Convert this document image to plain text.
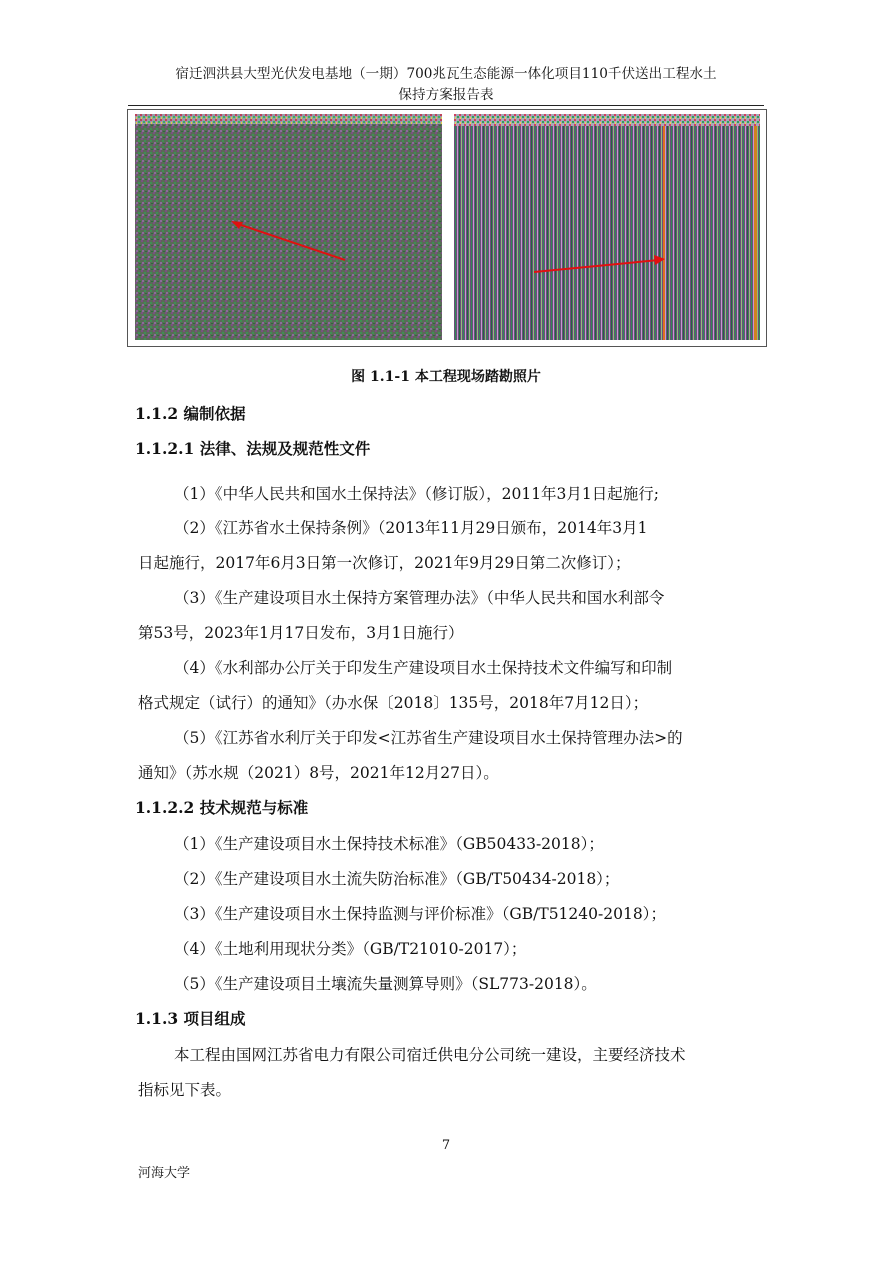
宿迁泗洪县大型光伏发电基地（一期）700兆瓦生态能源一体化项目110千伏送出工程水土
保持方案报告表
图 1.1-1 本工程现场踏勘照片
1.1.2 编制依据
1.1.2.1 法律、法规及规范性文件
（1）《中华人民共和国水土保持法》（修订版），2011年3月1日起施行;
（2）《江苏省水土保持条例》（2013年11月29日颁布，2014年3月1
日起施行，2017年6月3日第一次修订，2021年9月29日第二次修订）；
（3）《生产建设项目水土保持方案管理办法》（中华人民共和国水利部令
第53号，2023年1月17日发布，3月1日施行）
（4）《水利部办公厅关于印发生产建设项目水土保持技术文件编写和印制
格式规定（试行）的通知》（办水保〔2018〕135号，2018年7月12日）；
（5）《江苏省水利厅关于印发<江苏省生产建设项目水土保持管理办法>的
通知》（苏水规（2021）8号，2021年12月27日）。
1.1.2.2 技术规范与标准
（1）《生产建设项目水土保持技术标准》（GB50433-2018）；
（2）《生产建设项目水土流失防治标准》（GB/T50434-2018）；
（3）《生产建设项目水土保持监测与评价标准》（GB/T51240-2018）；
（4）《土地利用现状分类》（GB/T21010-2017）；
（5）《生产建设项目土壤流失量测算导则》（SL773-2018）。
1.1.3 项目组成
本工程由国网江苏省电力有限公司宿迁供电分公司统一建设，主要经济技术
指标见下表。
7
河海大学
